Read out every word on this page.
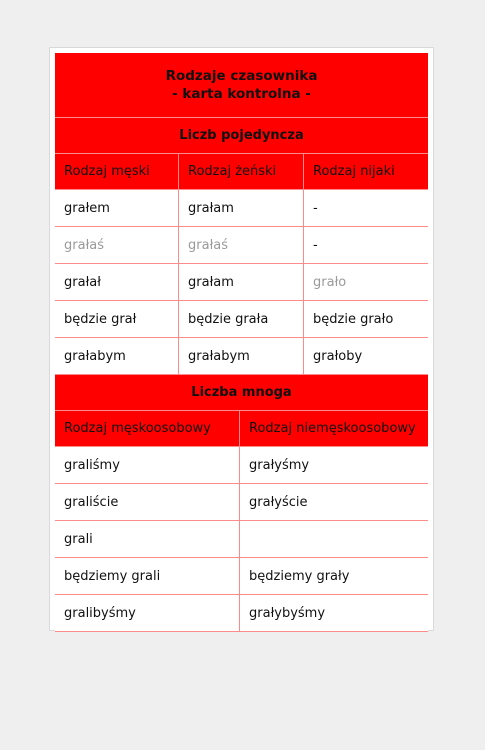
Rodzaje czasownika
- karta kontrolna -
Liczb pojedyncza
Rodzaj męski	Rodzaj żeński	Rodzaj nijaki
grałem	grałam	-
grałaś	grałaś	-
grałał	grałam	grało
będzie grał	będzie grała	będzie grało
grałabym	grałabym	grałoby
Liczba mnoga
Rodzaj męskoosobowy	Rodzaj niemęskoosobowy
graliśmy	grałyśmy
graliście	grałyście
grali
będziemy grali	będziemy grały
gralibyśmy	grałybyśmy
